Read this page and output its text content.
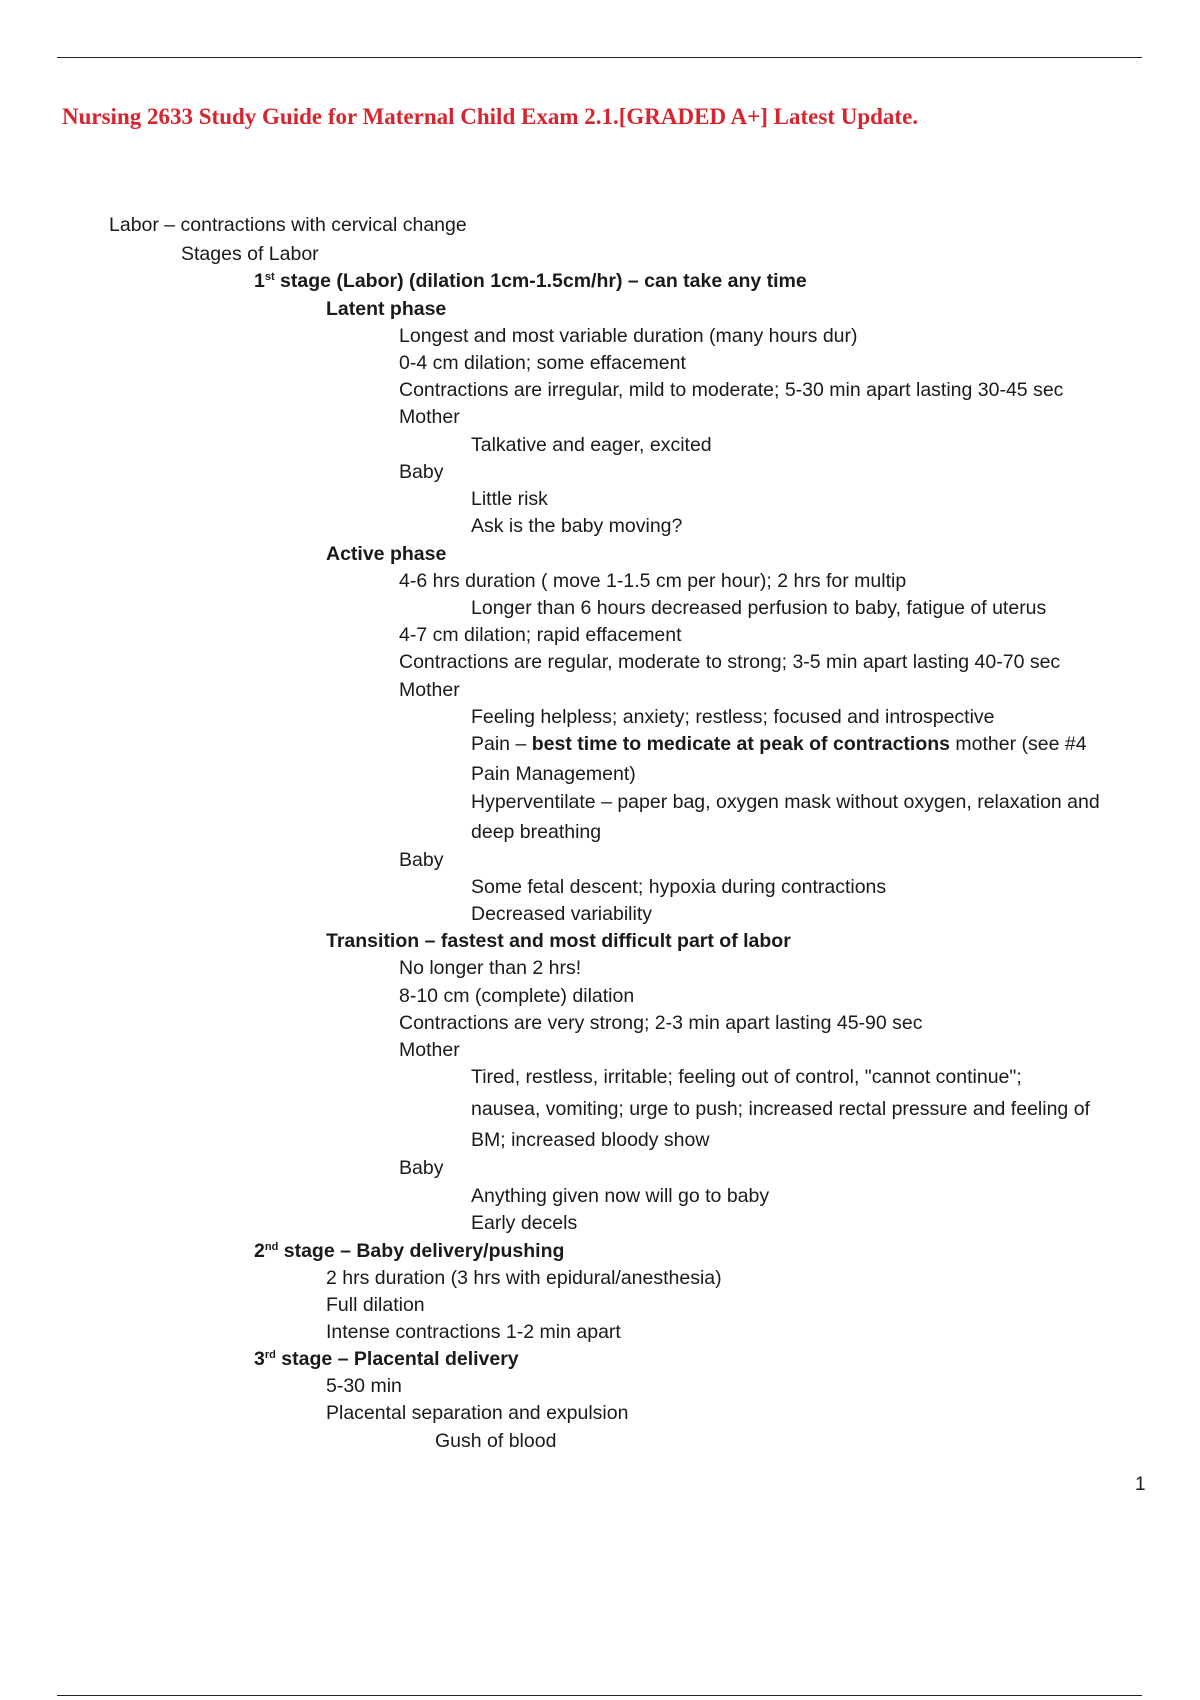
Nursing 2633 Study Guide for Maternal Child Exam 2.1.[GRADED A+] Latest Update.
Labor – contractions with cervical change
Stages of Labor
1st stage (Labor) (dilation 1cm-1.5cm/hr) – can take any time
Latent phase
Longest and most variable duration (many hours dur)
0-4 cm dilation; some effacement
Contractions are irregular, mild to moderate; 5-30 min apart lasting 30-45 sec
Mother
Talkative and eager, excited
Baby
Little risk
Ask is the baby moving?
Active phase
4-6 hrs duration ( move 1-1.5 cm per hour); 2 hrs for multip
Longer than 6 hours decreased perfusion to baby, fatigue of uterus
4-7 cm dilation; rapid effacement
Contractions are regular, moderate to strong; 3-5 min apart lasting 40-70 sec
Mother
Feeling helpless; anxiety; restless; focused and introspective
Pain – best time to medicate at peak of contractions mother (see #4
Pain Management)
Hyperventilate – paper bag, oxygen mask without oxygen, relaxation and
deep breathing
Baby
Some fetal descent; hypoxia during contractions
Decreased variability
Transition – fastest and most difficult part of labor
No longer than 2 hrs!
8-10 cm (complete) dilation
Contractions are very strong; 2-3 min apart lasting 45-90 sec
Mother
Tired, restless, irritable; feeling out of control, "cannot continue";
nausea, vomiting; urge to push; increased rectal pressure and feeling of
BM; increased bloody show
Baby
Anything given now will go to baby
Early decels
2nd stage – Baby delivery/pushing
2 hrs duration (3 hrs with epidural/anesthesia)
Full dilation
Intense contractions 1-2 min apart
3rd stage – Placental delivery
5-30 min
Placental separation and expulsion
Gush of blood
1
